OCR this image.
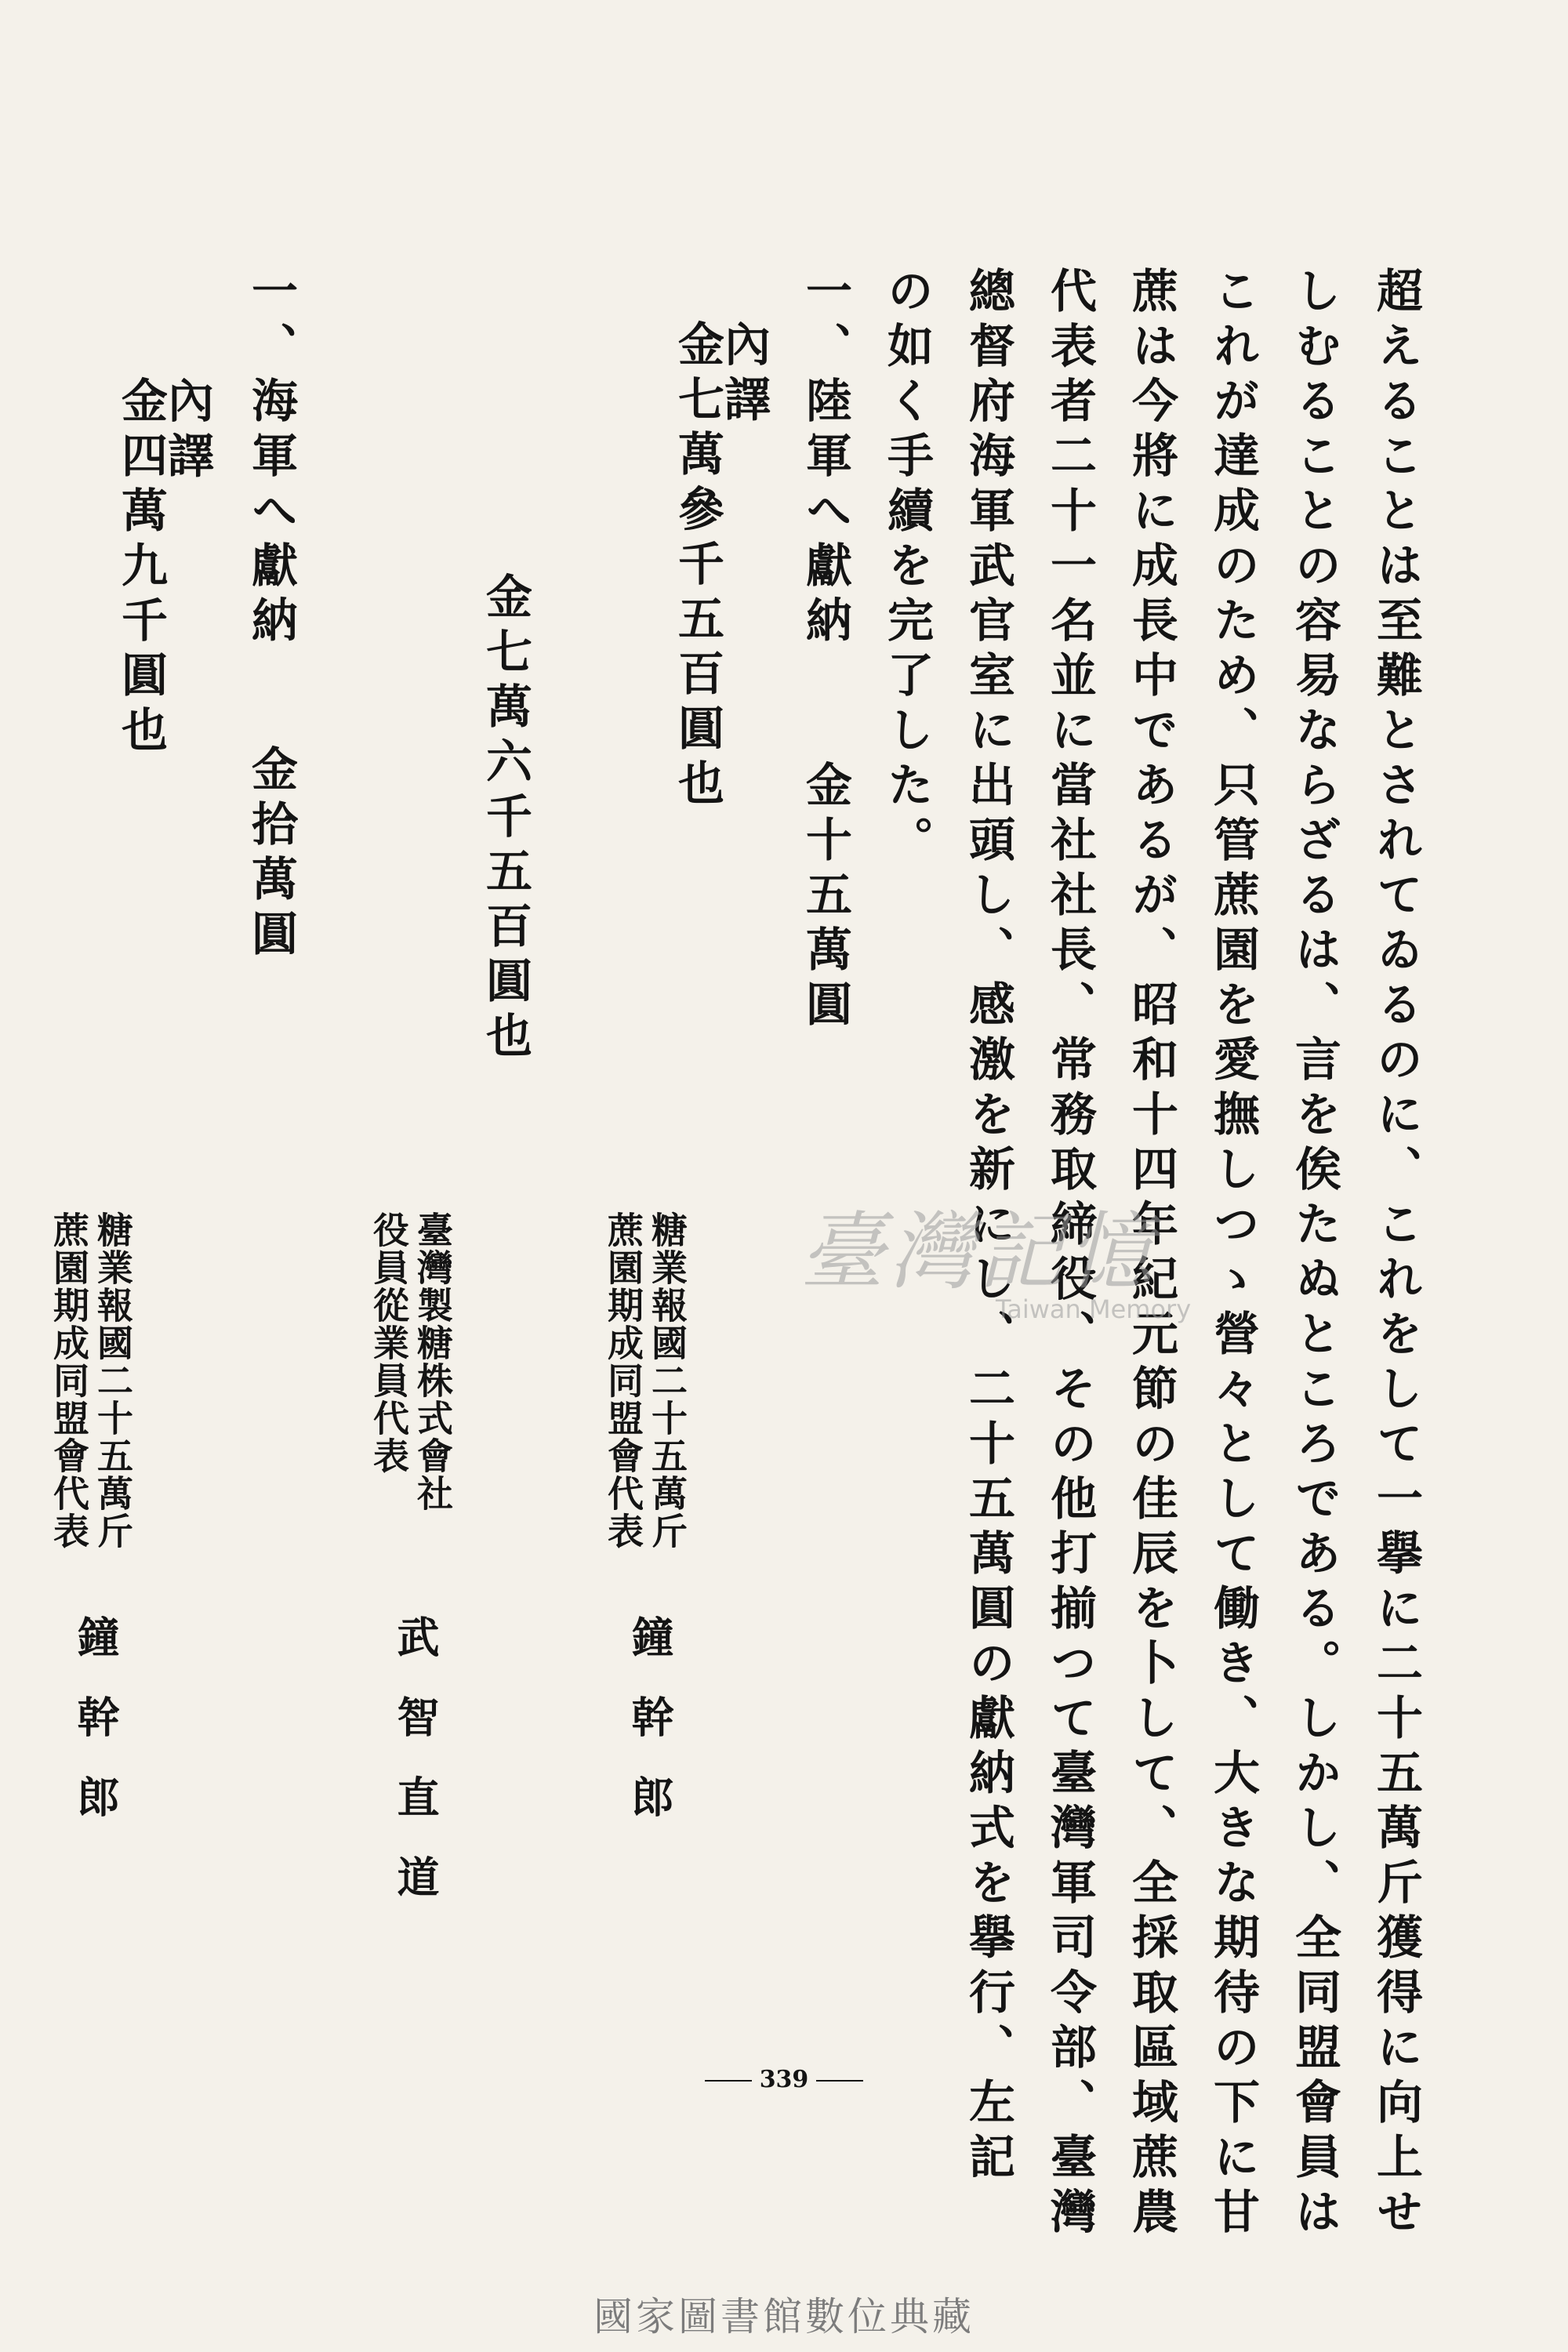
超えることは至難とされてゐるのに、これをして一擧に二十五萬斤獲得に向上せ
しむることの容易ならざるは、言を俟たぬところである。しかし、全同盟會員は
これが達成のため、只管蔗園を愛撫しつゝ營々として働き、大きな期待の下に甘
蔗は今將に成長中であるが、昭和十四年紀元節の佳辰を卜して、全採取區域蔗農
代表者二十一名並に當社社長、常務取締役、その他打揃つて臺灣軍司令部、臺灣
總督府海軍武官室に出頭し、感激を新にし、二十五萬圓の獻納式を擧行、左記
の如く手續を完了した。
一、陸軍へ獻納金十五萬圓
內譯
金七萬參千五百圓也
糖業報國二十五萬斤
蔗園期成同盟會代表
鐘幹郎
金七萬六千五百圓也
臺灣製糖株式會社
役員從業員代表
武智直道
一、海軍へ獻納金拾萬圓
內譯
金四萬九千圓也
糖業報國二十五萬斤
蔗園期成同盟會代表
鐘幹郎
臺灣記憶
Taiwan Memory
339
國家圖書館數位典藏
